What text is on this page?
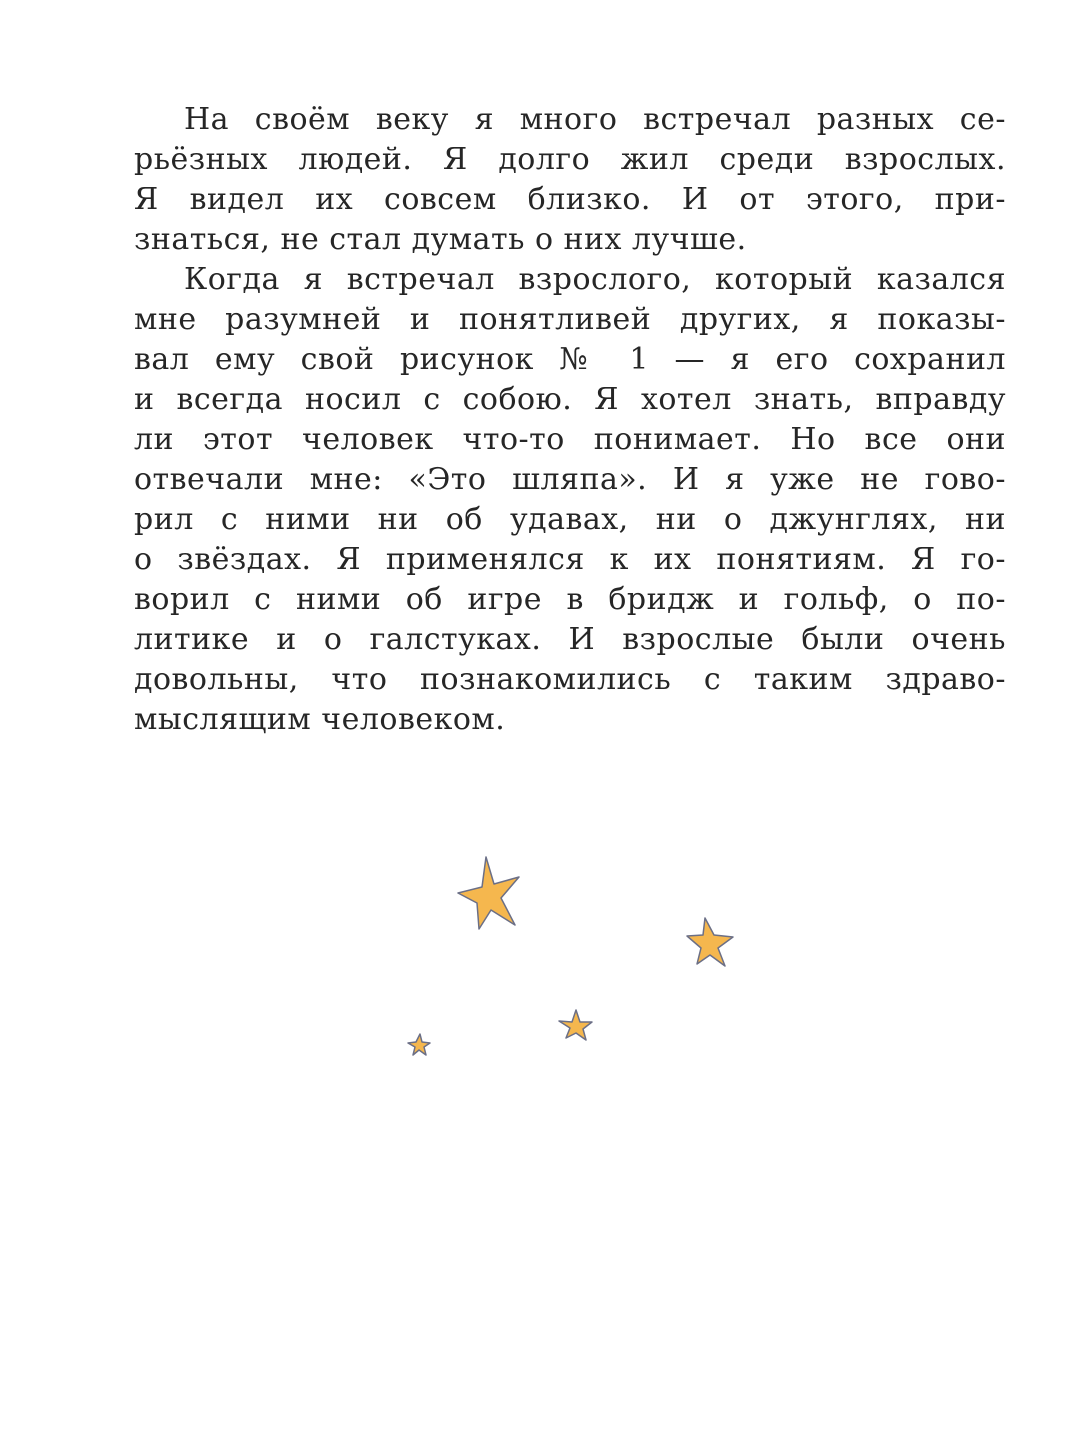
На своём веку я много встречал разных се-
рьёзных людей. Я долго жил среди взрослых.
Я видел их совсем близко. И от этого, при-
знаться, не стал думать о них лучше.
Когда я встречал взрослого, который казался
мне разумней и понятливей других, я показы-
вал ему свой рисунок № 1 — я его сохранил
и всегда носил с собою. Я хотел знать, вправду
ли этот человек что-то понимает. Но все они
отвечали мне: «Это шляпа». И я уже не гово-
рил с ними ни об удавах, ни о джунглях, ни
о звёздах. Я применялся к их понятиям. Я го-
ворил с ними об игре в бридж и гольф, о по-
литике и о галстуках. И взрослые были очень
довольны, что познакомились с таким здраво-
мыслящим человеком.
